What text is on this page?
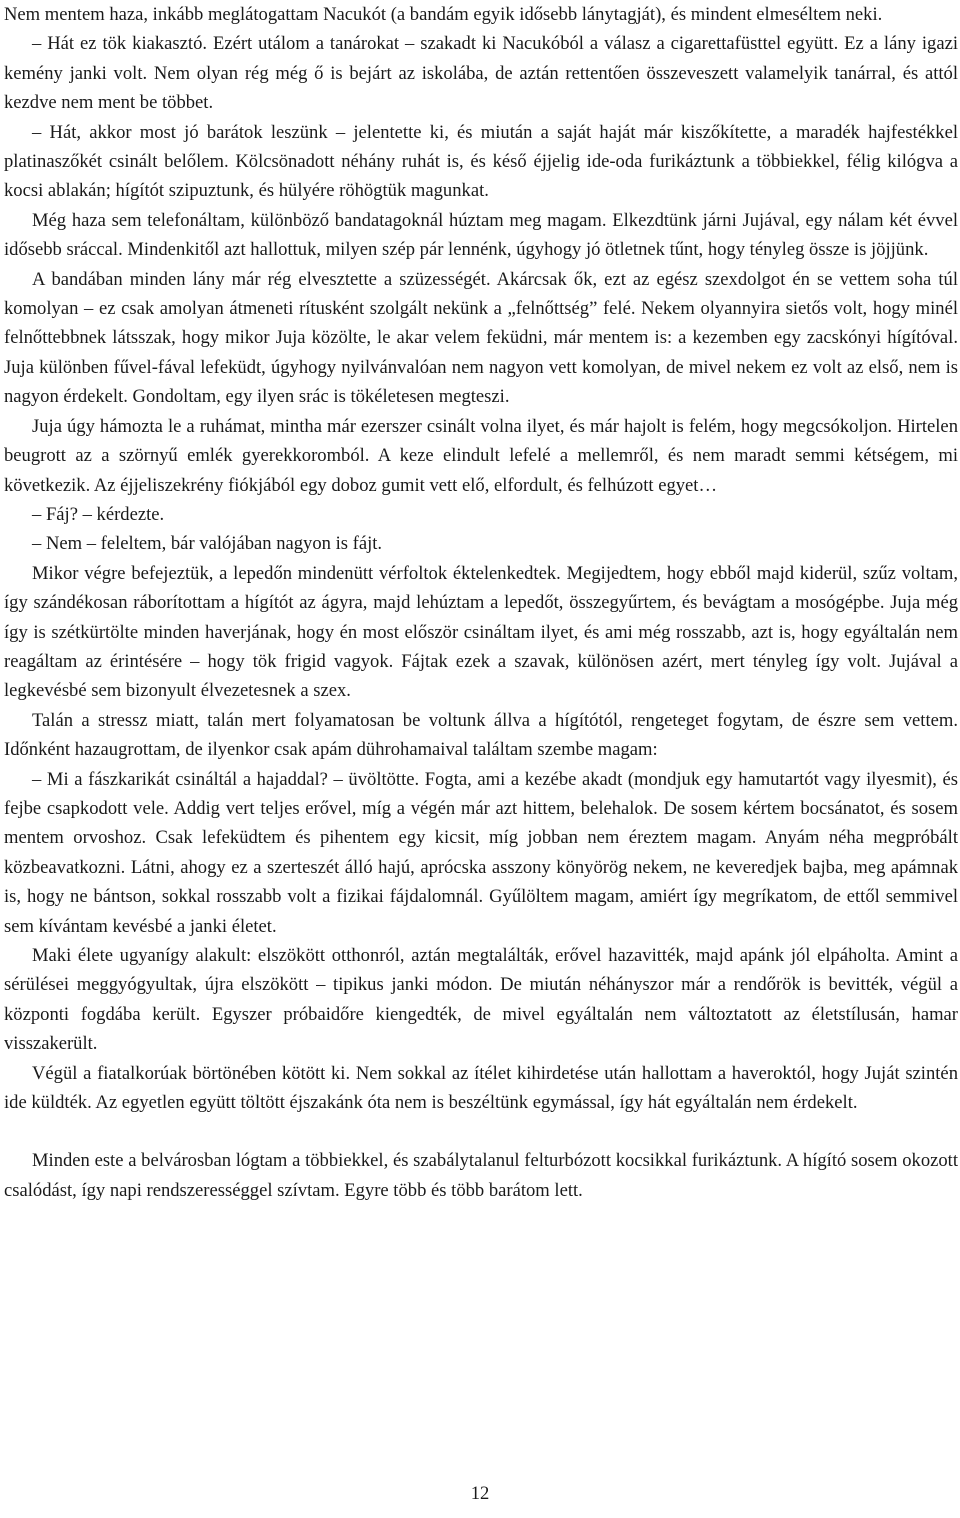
Nem mentem haza, inkább meglátogattam Nacukót (a bandám egyik idősebb lánytagját), és mindent elmeséltem neki.

– Hát ez tök kiakasztó. Ezért utálom a tanárokat – szakadt ki Nacukóból a válasz a cigarettafüsttel együtt. Ez a lány igazi kemény janki volt. Nem olyan rég még ő is bejárt az iskolába, de aztán rettentően összeveszett valamelyik tanárral, és attól kezdve nem ment be többet.

– Hát, akkor most jó barátok leszünk – jelentette ki, és miután a saját haját már kiszőkítette, a maradék hajfestékkel platinaszőkét csinált belőlem. Kölcsönadott néhány ruhát is, és késő éjjelig ide-oda furikáztunk a többiekkel, félig kilógva a kocsi ablakán; hígítót szipuztunk, és hülyére röhögtük magunkat.

Még haza sem telefonáltam, különböző bandatagoknál húztam meg magam. Elkezdtünk járni Jujával, egy nálam két évvel idősebb sráccal. Mindenkitől azt hallottuk, milyen szép pár lennénk, úgyhogy jó ötletnek tűnt, hogy tényleg össze is jöjjünk.

A bandában minden lány már rég elvesztette a szüzességét. Akárcsak ők, ezt az egész szexdolgot én se vettem soha túl komolyan – ez csak amolyan átmeneti rítusként szolgált nekünk a „felnőttség” felé. Nekem olyannyira sietős volt, hogy minél felnőttebbnek látsszak, hogy mikor Juja közölte, le akar velem feküdni, már mentem is: a kezemben egy zacskónyi hígítóval. Juja különben fűvel-fával lefeküdt, úgyhogy nyilvánvalóan nem nagyon vett komolyan, de mivel nekem ez volt az első, nem is nagyon érdekelt. Gondoltam, egy ilyen srác is tökéletesen megteszi.

Juja úgy hámozta le a ruhámat, mintha már ezerszer csinált volna ilyet, és már hajolt is felém, hogy megcsókoljon. Hirtelen beugrott az a szörnyű emlék gyerekkoromból. A keze elindult lefelé a mellemről, és nem maradt semmi kétségem, mi következik. Az éjjeliszekrény fiókjából egy doboz gumit vett elő, elfordult, és felhúzott egyet…

– Fáj? – kérdezte.

– Nem – feleltem, bár valójában nagyon is fájt.

Mikor végre befejeztük, a lepedőn mindenütt vérfoltok éktelenkedtek. Megijedtem, hogy ebből majd kiderül, szűz voltam, így szándékosan ráborítottam a hígítót az ágyra, majd lehúztam a lepedőt, összegyűrtem, és bevágtam a mosógépbe. Juja még így is szétkürtölte minden haverjának, hogy én most először csináltam ilyet, és ami még rosszabb, azt is, hogy egyáltalán nem reagáltam az érintésére – hogy tök frigid vagyok. Fájtak ezek a szavak, különösen azért, mert tényleg így volt. Jujával a legkevésbé sem bizonyult élvezetesnek a szex.

Talán a stressz miatt, talán mert folyamatosan be voltunk állva a hígítótól, rengeteget fogytam, de észre sem vettem. Időnként hazaugrottam, de ilyenkor csak apám dührohamaival találtam szembe magam:

– Mi a fászkarikát csináltál a hajaddal? – üvöltötte. Fogta, ami a kezébe akadt (mondjuk egy hamutartót vagy ilyesmit), és fejbe csapkodott vele. Addig vert teljes erővel, míg a végén már azt hittem, belehalok. De sosem kértem bocsánatot, és sosem mentem orvoshoz. Csak lefeküdtem és pihentem egy kicsit, míg jobban nem éreztem magam. Anyám néha megpróbált közbeavatkozni. Látni, ahogy ez a szerteszét álló hajú, aprócska asszony könyörög nekem, ne keveredjek bajba, meg apámnak is, hogy ne bántson, sokkal rosszabb volt a fizikai fájdalomnál. Gyűlöltem magam, amiért így megríkatom, de ettől semmivel sem kívántam kevésbé a janki életet.

Maki élete ugyanígy alakult: elszökött otthonról, aztán megtalálták, erővel hazavitték, majd apánk jól elpáholta. Amint a sérülései meggyógyultak, újra elszökött – tipikus janki módon. De miután néhányszor már a rendőrök is bevitték, végül a központi fogdába került. Egyszer próbaidőre kiengedték, de mivel egyáltalán nem változtatott az életstílusán, hamar visszakerült.

Végül a fiatalkorúak börtönében kötött ki. Nem sokkal az ítélet kihirdetése után hallottam a haveroktól, hogy Juját szintén ide küldték. Az egyetlen együtt töltött éjszakánk óta nem is beszéltünk egymással, így hát egyáltalán nem érdekelt.

Minden este a belvárosban lógtam a többiekkel, és szabálytalanul felturbózott kocsikkal furikáztunk. A hígító sosem okozott csalódást, így napi rendszerességgel szívtam. Egyre több és több barátom lett.

12
